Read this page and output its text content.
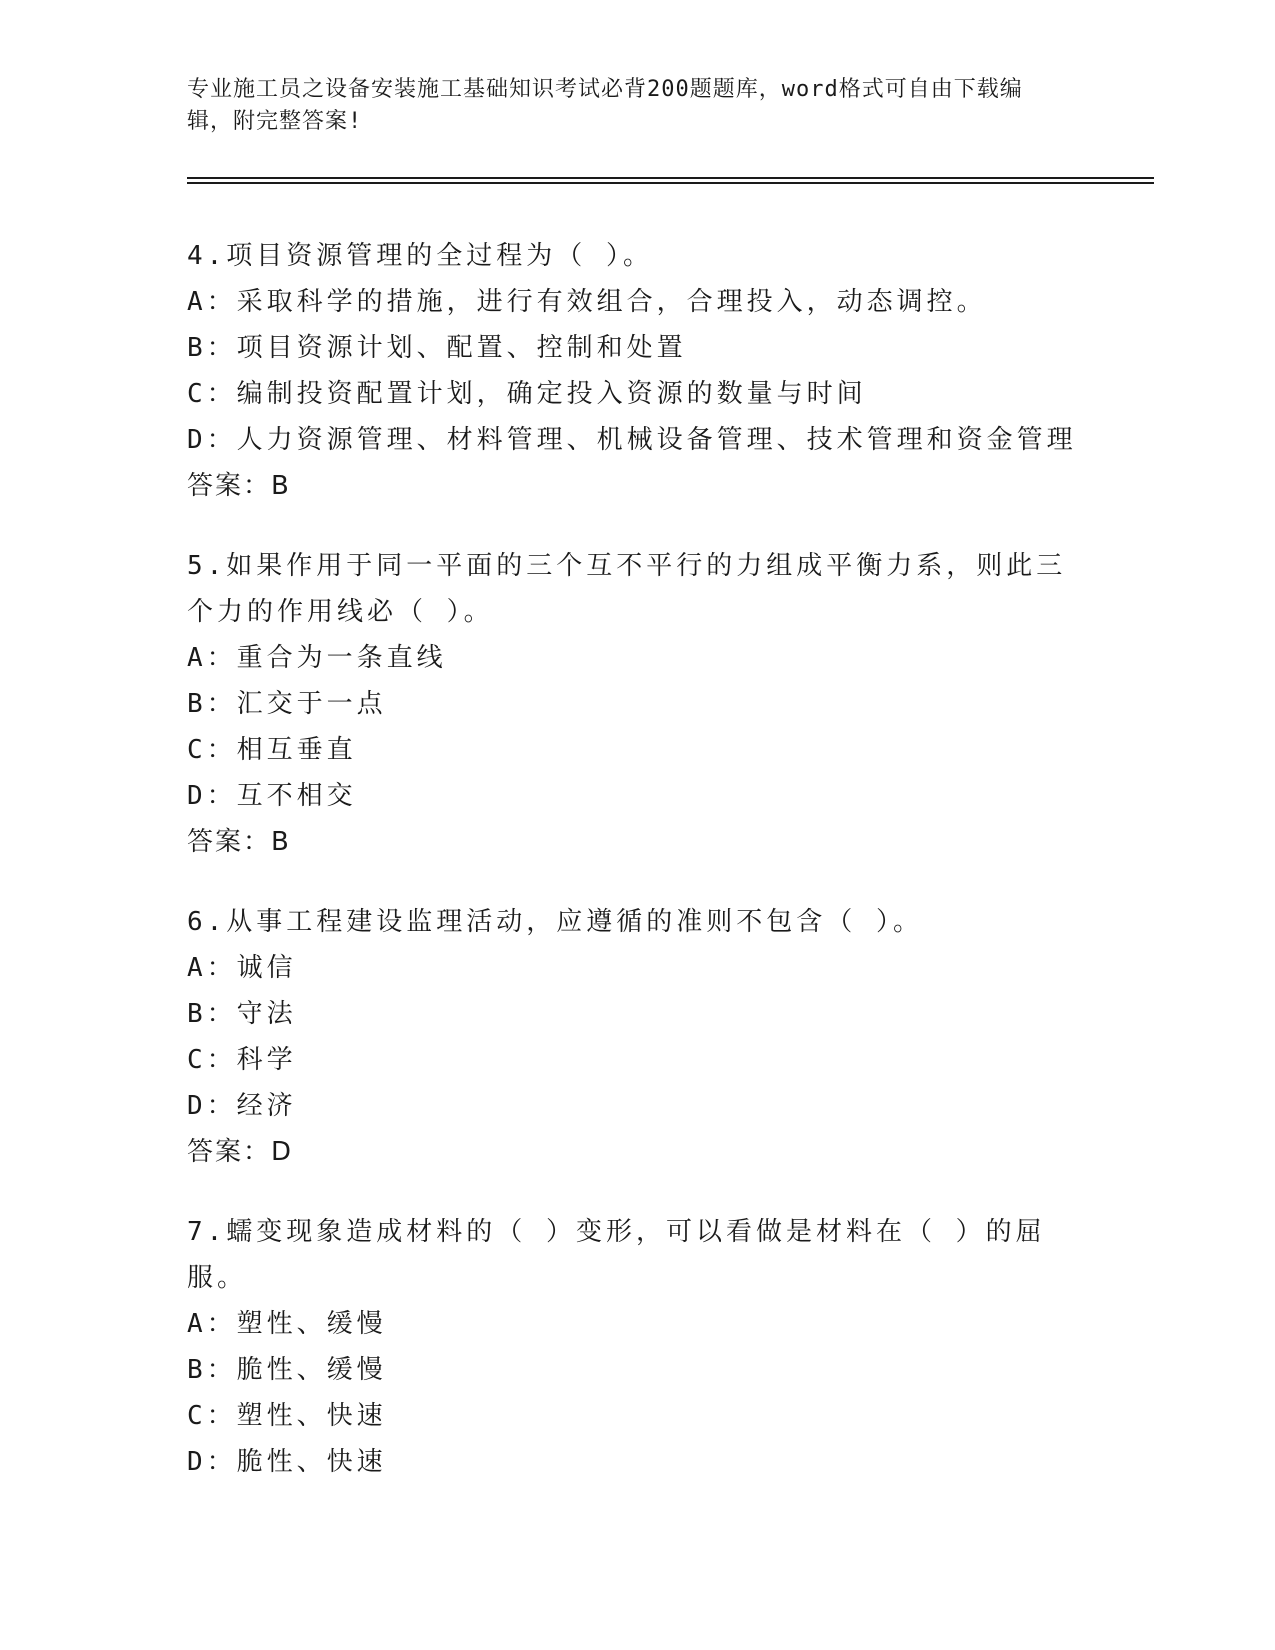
专业施工员之设备安装施工基础知识考试必背200题题库，word格式可自由下载编辑，附完整答案!
4.项目资源管理的全过程为（ ）。
A：采取科学的措施，进行有效组合，合理投入，动态调控。
B：项目资源计划、配置、控制和处置
C：编制投资配置计划，确定投入资源的数量与时间
D：人力资源管理、材料管理、机械设备管理、技术管理和资金管理
答案：B
5.如果作用于同一平面的三个互不平行的力组成平衡力系，则此三个力的作用线必（ ）。
A：重合为一条直线
B：汇交于一点
C：相互垂直
D：互不相交
答案：B
6.从事工程建设监理活动，应遵循的准则不包含（ ）。
A：诚信
B：守法
C：科学
D：经济
答案：D
7.蠕变现象造成材料的（ ）变形，可以看做是材料在（ ）的屈服。
A：塑性、缓慢
B：脆性、缓慢
C：塑性、快速
D：脆性、快速
